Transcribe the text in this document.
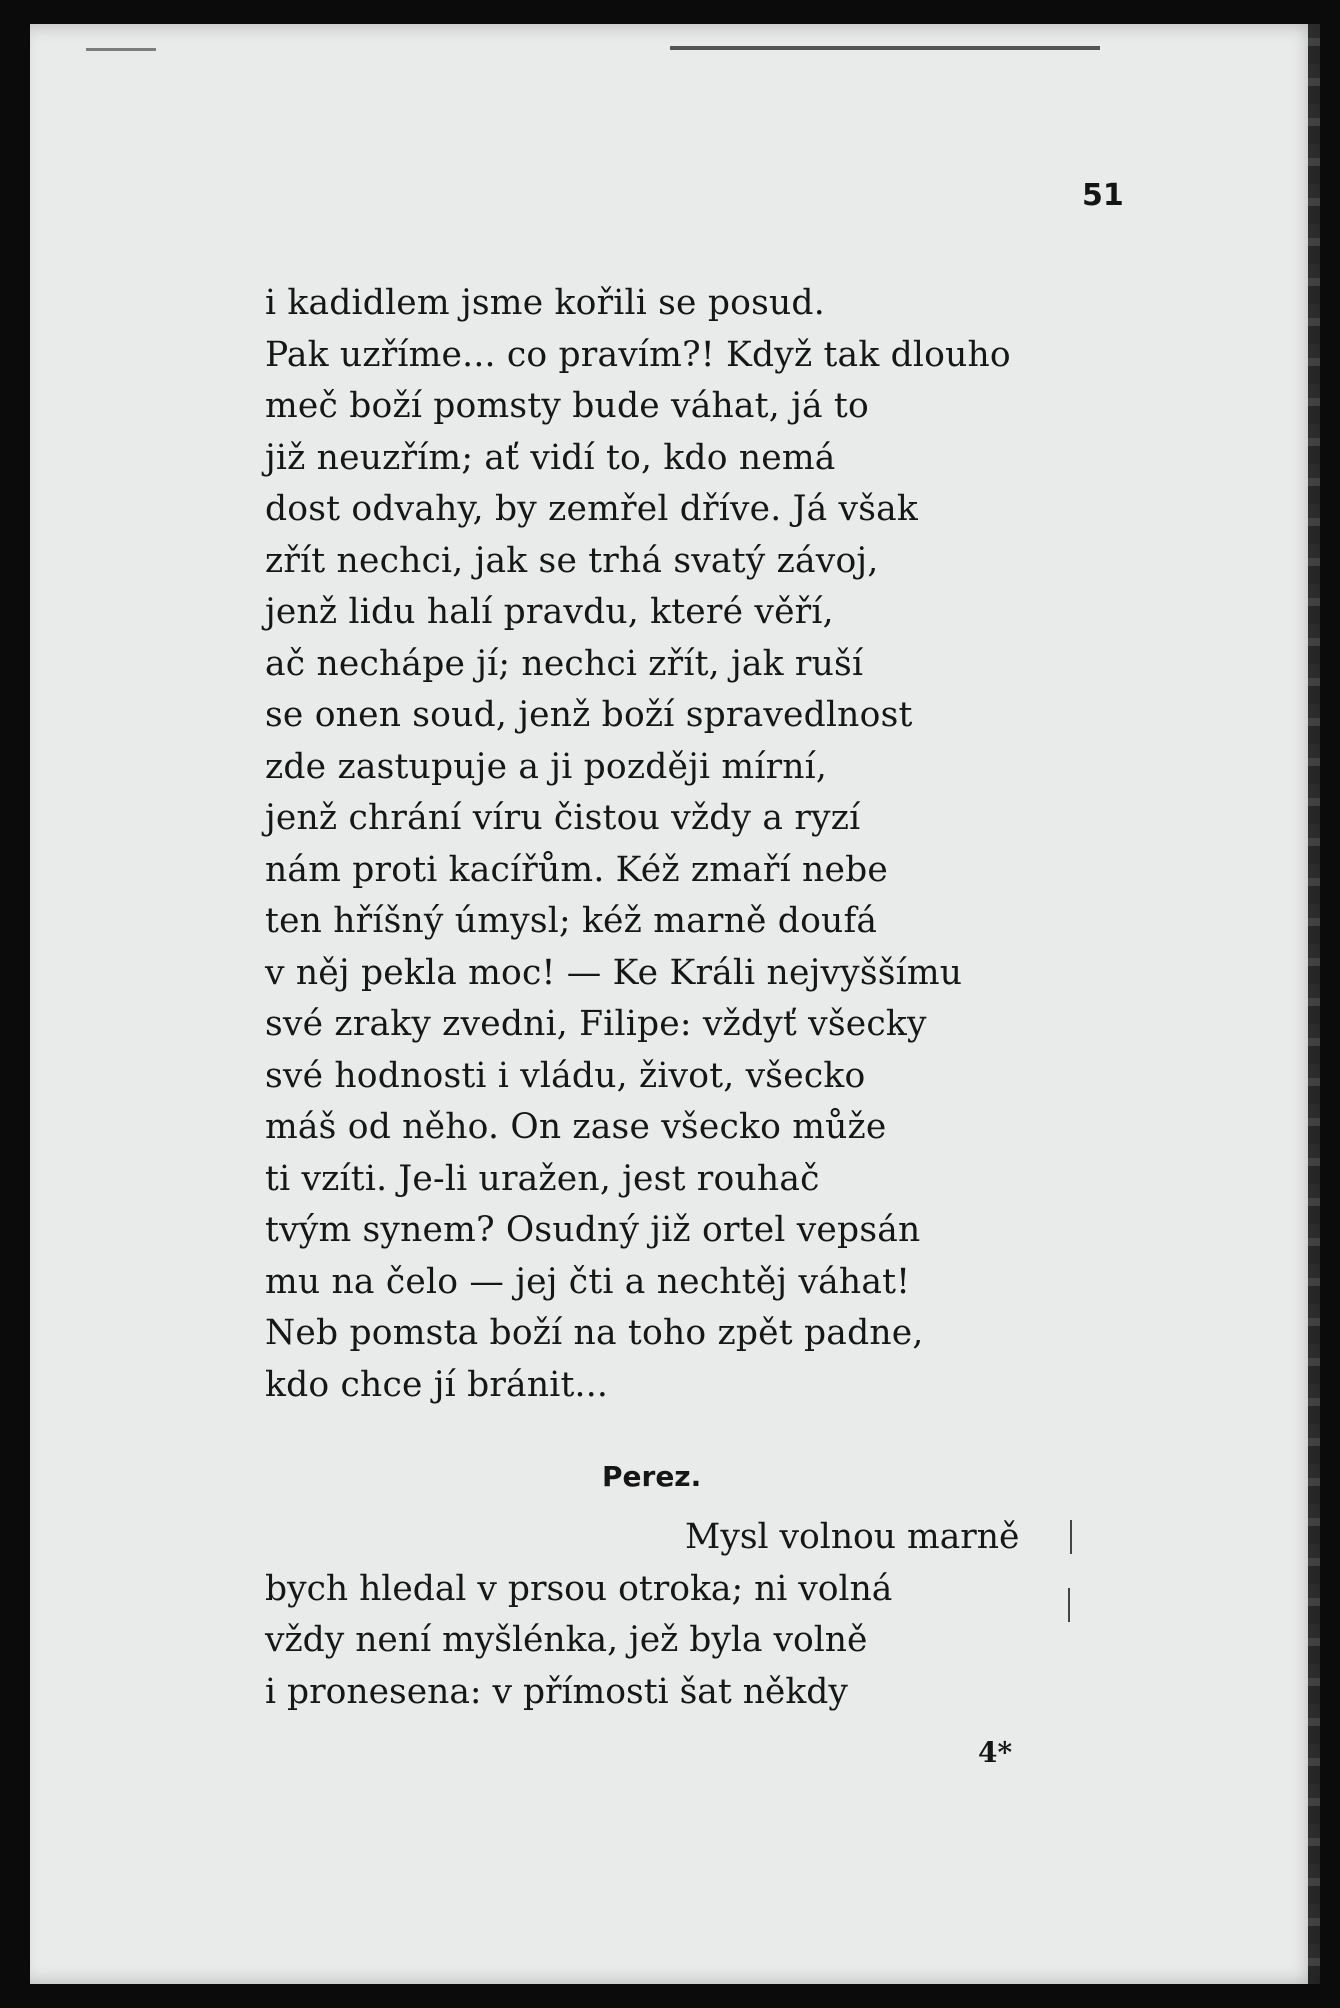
51
i kadidlem jsme kořili se posud.
Pak uzříme... co pravím?! Když tak dlouho
meč boží pomsty bude váhat, já to
již neuzřím; ať vidí to, kdo nemá
dost odvahy, by zemřel dříve. Já však
zřít nechci, jak se trhá svatý závoj,
jenž lidu halí pravdu, které věří,
ač nechápe jí; nechci zřít, jak ruší
se onen soud, jenž boží spravedlnost
zde zastupuje a ji později mírní,
jenž chrání víru čistou vždy a ryzí
nám proti kacířům. Kéž zmaří nebe
ten hříšný úmysl; kéž marně doufá
v něj pekla moc! — Ke Králi nejvyššímu
své zraky zvedni, Filipe: vždyť všecky
své hodnosti i vládu, život, všecko
máš od něho. On zase všecko může
ti vzíti. Je-li uražen, jest rouhač
tvým synem? Osudný již ortel vepsán
mu na čelo — jej čti a nechtěj váhat!
Neb pomsta boží na toho zpět padne,
kdo chce jí bránit...
Perez.
Mysl volnou marně
bych hledal v prsou otroka; ni volná
vždy není myšlénka, jež byla volně
i pronesena: v přímosti šat někdy
4*
